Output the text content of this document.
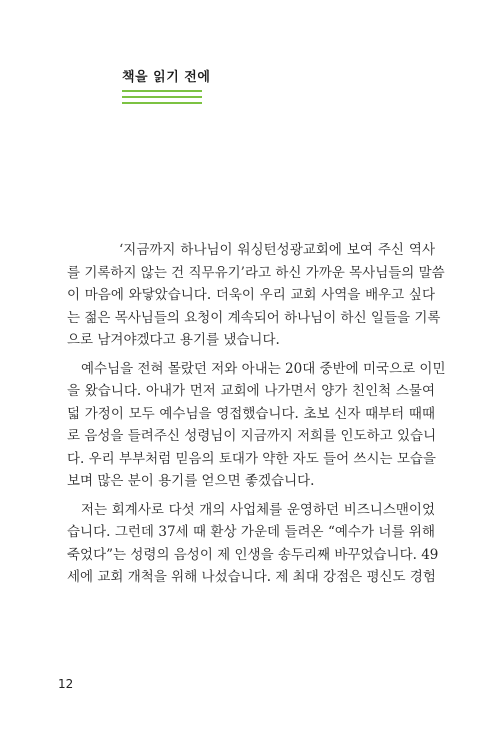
책을 읽기 전에
‘지금까지 하나님이 워싱턴성광교회에 보여 주신 역사
를 기록하지 않는 건 직무유기’라고 하신 가까운 목사님들의 말씀
이 마음에 와닿았습니다. 더욱이 우리 교회 사역을 배우고 싶다
는 젊은 목사님들의 요청이 계속되어 하나님이 하신 일들을 기록
으로 남겨야겠다고 용기를 냈습니다.
예수님을 전혀 몰랐던 저와 아내는 20대 중반에 미국으로 이민
을 왔습니다. 아내가 먼저 교회에 나가면서 양가 친인척 스물여
덟 가정이 모두 예수님을 영접했습니다. 초보 신자 때부터 때때
로 음성을 들려주신 성령님이 지금까지 저희를 인도하고 있습니
다. 우리 부부처럼 믿음의 토대가 약한 자도 들어 쓰시는 모습을
보며 많은 분이 용기를 얻으면 좋겠습니다.
저는 회계사로 다섯 개의 사업체를 운영하던 비즈니스맨이었
습니다. 그런데 37세 때 환상 가운데 들려온 “예수가 너를 위해
죽었다”는 성령의 음성이 제 인생을 송두리째 바꾸었습니다. 49
세에 교회 개척을 위해 나섰습니다. 제 최대 강점은 평신도 경험

12
